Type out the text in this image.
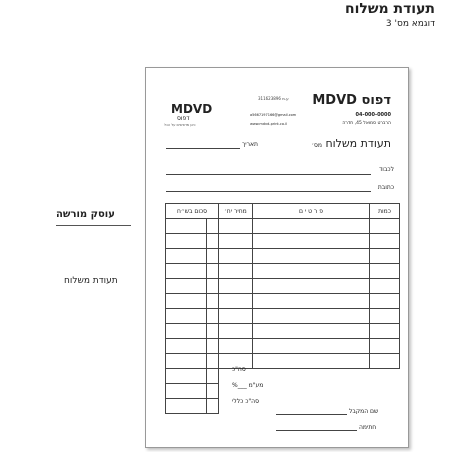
תעודת משלוח
דוגמא מס' 3
עוסק מורשה
תעודת משלוח
MDVD
דפוס
כאן מדפיסים על הכל
ע.מ 311623896 דפוס MDVD
04-000-0000
a5667197166@gmail.com
www.mdvd-print.co.il	הרברט סמואל 45, חדרה
תעודת משלוח מס׳
תאריך
לכבוד
כתובת
סכום בש״ח		מחיר יח׳	פ ר ט י ם	כמות

סה"כ
מע"מ ___%
סה"כ כללי
שם המקבל
חתימה
